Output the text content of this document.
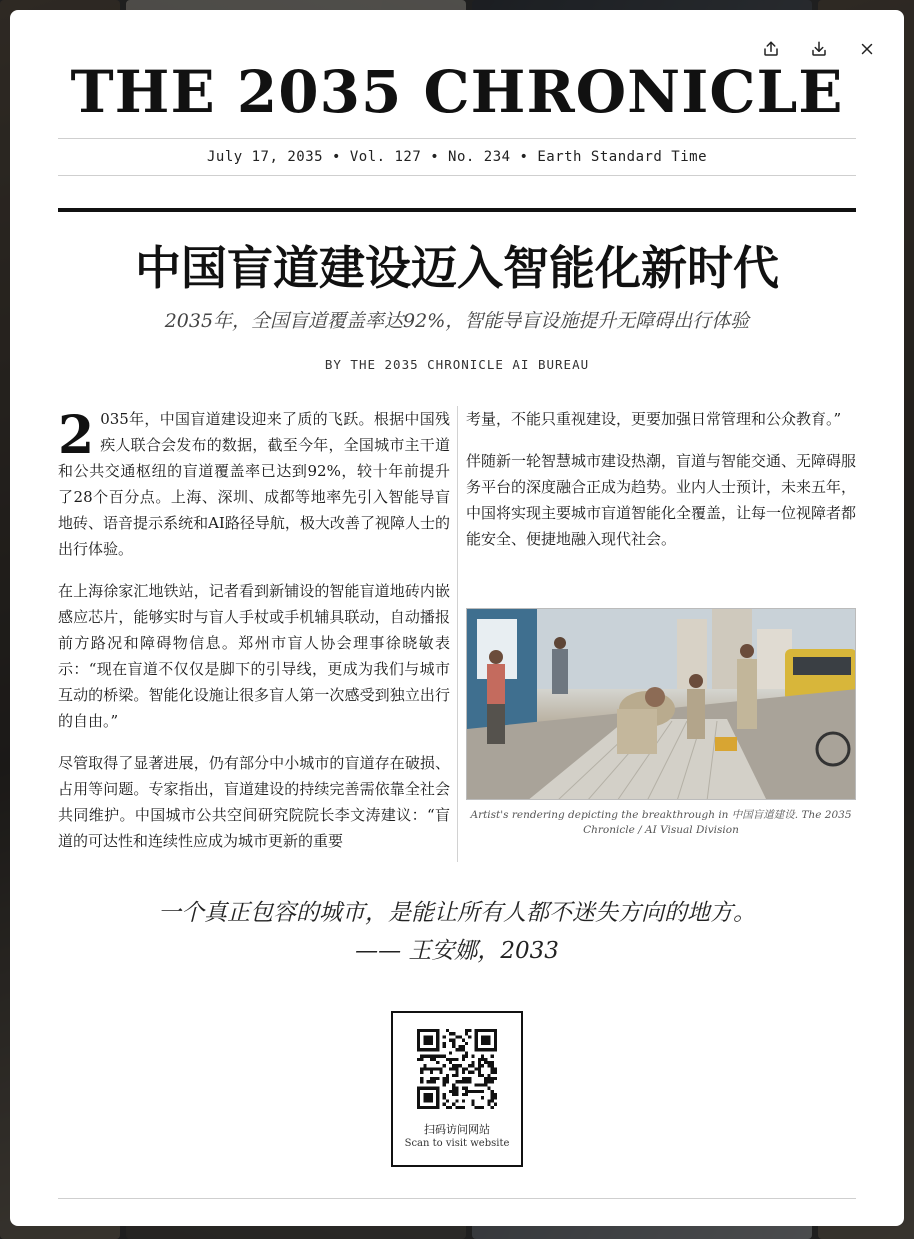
THE 2035 CHRONICLE
July 17, 2035 • Vol. 127 • No. 234 • Earth Standard Time
中国盲道建设迈入智能化新时代
2035年，全国盲道覆盖率达92%，智能导盲设施提升无障碍出行体验
BY THE 2035 CHRONICLE AI BUREAU

2 035年，中国盲道建设迎来了质的飞跃。根据中国残疾人联合会发布的数据，截至今年，全国城市主干道和公共交通枢纽的盲道覆盖率已达到92%，较十年前提升了28个百分点。上海、深圳、成都等地率先引入智能导盲地砖、语音提示系统和AI路径导航，极大改善了视障人士的出行体验。

在上海徐家汇地铁站，记者看到新铺设的智能盲道地砖内嵌感应芯片，能够实时与盲人手杖或手机辅具联动，自动播报前方路况和障碍物信息。郑州市盲人协会理事徐晓敏表示：“现在盲道不仅仅是脚下的引导线，更成为我们与城市互动的桥梁。智能化设施让很多盲人第一次感受到独立出行的自由。”

尽管取得了显著进展，仍有部分中小城市的盲道存在破损、占用等问题。专家指出，盲道建设的持续完善需依靠全社会共同维护。中国城市公共空间研究院院长李文涛建议：“盲道的可达性和连续性应成为城市更新的重要

考量，不能只重视建设，更要加强日常管理和公众教育。”

伴随新一轮智慧城市建设热潮，盲道与智能交通、无障碍服务平台的深度融合正成为趋势。业内人士预计，未来五年，中国将实现主要城市盲道智能化全覆盖，让每一位视障者都能安全、便捷地融入现代社会。

Artist's rendering depicting the breakthrough in 中国盲道建设. The 2035 Chronicle / AI Visual Division
一个真正包容的城市，是能让所有人都不迷失方向的地方。
—— 王安娜，2033
扫码访问网站
Scan to visit website
